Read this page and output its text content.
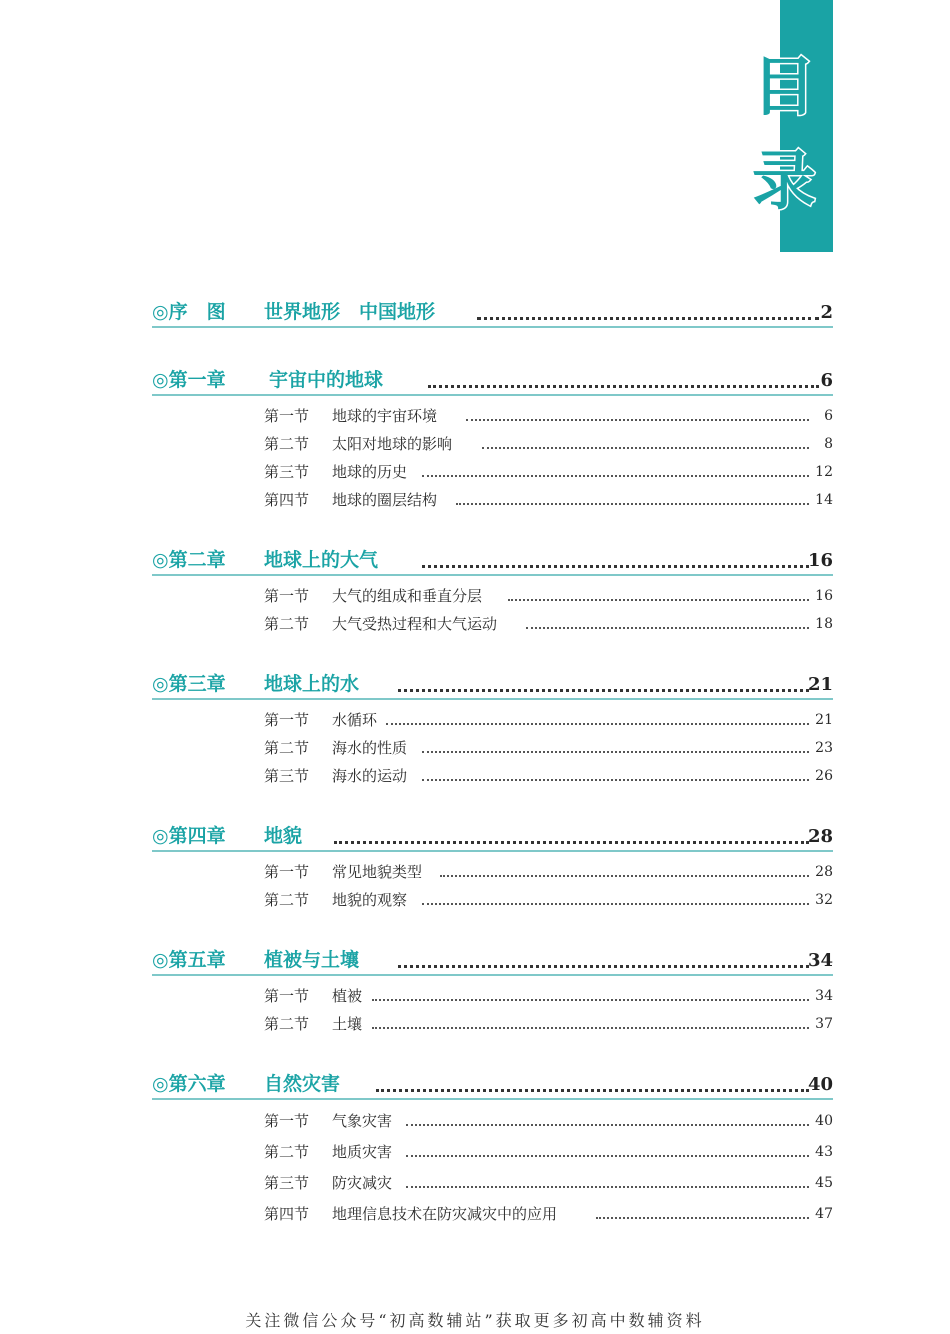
目
录
◎序　图 世界地形　中国地形	2
◎第一章 宇宙中的地球	6
第一节 地球的宇宙环境	6
第二节 太阳对地球的影响	8
第三节 地球的历史	12
第四节 地球的圈层结构	14
◎第二章 地球上的大气	16
第一节 大气的组成和垂直分层	16
第二节 大气受热过程和大气运动	18
◎第三章 地球上的水	21
第一节 水循环	21
第二节 海水的性质	23
第三节 海水的运动	26
◎第四章 地貌	28
第一节 常见地貌类型	28
第二节 地貌的观察	32
◎第五章 植被与土壤	34
第一节 植被	34
第二节 土壤	37
◎第六章 自然灾害	40
第一节 气象灾害	40
第二节 地质灾害	43
第三节 防灾减灾	45
第四节 地理信息技术在防灾减灾中的应用	47
关注微信公众号“初高数辅站”获取更多初高中数辅资料
